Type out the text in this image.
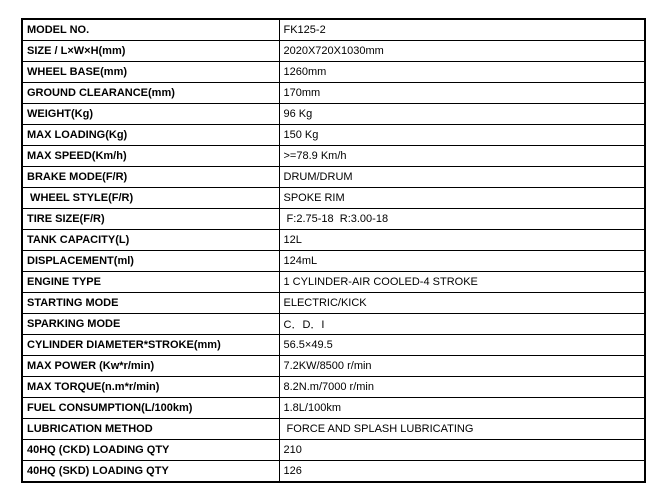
MODEL NO.	FK125-2
SIZE / L×W×H(mm)	2020X720X1030mm
WHEEL BASE(mm)	1260mm
GROUND CLEARANCE(mm)	170mm
WEIGHT(Kg)	96 Kg
MAX LOADING(Kg)	150 Kg
MAX SPEED(Km/h)	>=78.9 Km/h
BRAKE MODE(F/R)	DRUM/DRUM
WHEEL STYLE(F/R)	SPOKE RIM
TIRE SIZE(F/R)	F:2.75-18  R:3.00-18
TANK CAPACITY(L)	12L
DISPLACEMENT(ml)	124mL
ENGINE TYPE	1 CYLINDER-AIR COOLED-4 STROKE
STARTING MODE	ELECTRIC/KICK
SPARKING MODE	C．D．I
CYLINDER DIAMETER*STROKE(mm)	56.5×49.5
MAX POWER (Kw*r/min)	7.2KW/8500 r/min
MAX TORQUE(n.m*r/min)	8.2N.m/7000 r/min
FUEL CONSUMPTION(L/100km)	1.8L/100km
LUBRICATION METHOD	FORCE AND SPLASH LUBRICATING
40HQ (CKD) LOADING QTY	210
40HQ (SKD) LOADING QTY	126
